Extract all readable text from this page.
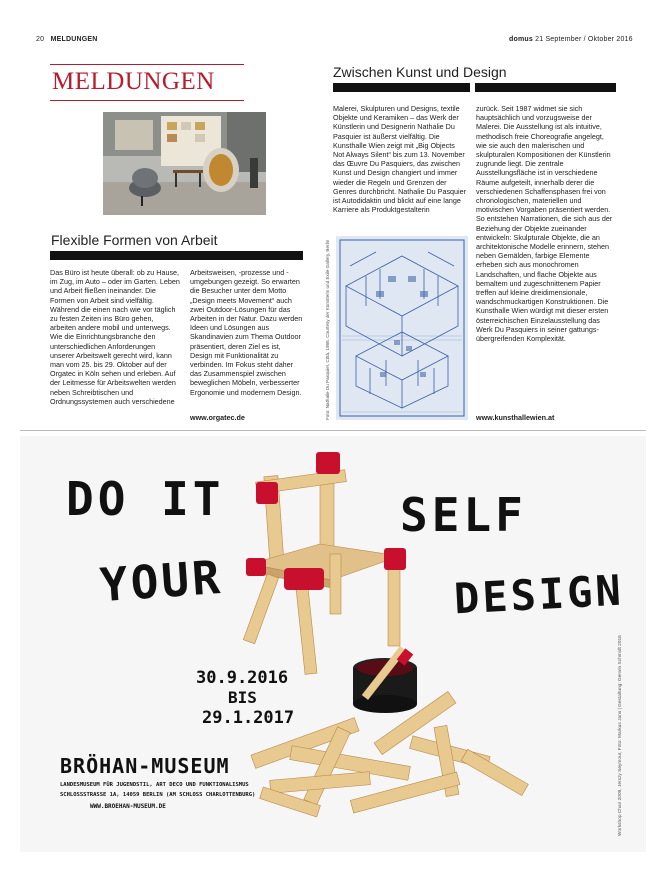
20 MELDUNGEN	domus 21 September / Oktober 2016
MELDUNGEN
Flexible Formen von Arbeit

Das Büro ist heute überall: ob zu Hause, im Zug, im Auto – oder im Garten. Leben und Arbeit fließen ineinander. Die Formen von Arbeit sind vielfältig. Während die einen nach wie vor täglich zu festen Zeiten ins Büro gehen, arbeiten andere mobil und unterwegs. Wie die Einrichtungsbranche den unterschiedlichen Anforderungen unserer Arbeitswelt gerecht wird, kann man vom 25. bis 29. Oktober auf der Orgatec in Köln sehen und erleben. Auf der Leitmesse für Arbeitswelten werden neben Schreibtischen und Ordnungssystemen auch verschiedene

Arbeitsweisen, -prozesse und -umgebungen gezeigt. So erwarten die Besucher unter dem Motto „Design meets Movement“ auch zwei Outdoor-Lösungen für das Arbeiten in der Natur. Dazu werden Ideen und Lösungen aus Skandinavien zum Thema Outdoor präsentiert, deren Ziel es ist, Design mit Funktionalität zu verbinden. Im Fokus steht daher das Zusammenspiel zwischen beweglichen Möbeln, verbesserter Ergonomie und modernem Design.

www.orgatec.de
Zwischen Kunst und Design

Malerei, Skulpturen und Designs, textile Objekte und Keramiken – das Werk der Künstlerin und Designerin Nathalie Du Pasquier ist äußerst vielfältig. Die Kunsthalle Wien zeigt mit „Big Objects Not Always Silent“ bis zum 13. November das Œuvre Du Pasquiers, das zwischen Kunst und Design changiert und immer wieder die Regeln und Grenzen der Genres durchbricht. Nathalie Du Pasquier ist Autodidaktin und blickt auf eine lange Karriere als Produktgestalterin

zurück. Seit 1987 widmet sie sich hauptsächlich und vorzugsweise der Malerei. Die Ausstellung ist als intuitive, methodisch freie Choreografie angelegt, wie sie auch den malerischen und skulpturalen Kompositionen der Künstlerin zugrunde liegt. Die zentrale Ausstellungsfläche ist in verschiedene Räume aufgeteilt, innerhalb derer die verschiedenen Schaffensphasen frei von chronologischen, materiellen und motivischen Vorgaben präsentiert werden. So entstehen Narrationen, die sich aus der Beziehung der Objekte zueinander entwickeln: Skulpturale Objekte, die an architektonische Modelle erinnern, stehen neben Gemälden, farbige Elemente erheben sich aus monochromen Landschaften, und flache Objekte aus bemaltem und zugeschnittenem Papier treffen auf kleine dreidimensionale, wandschmuckartigen Konstruktionen. Die Kunsthalle Wien würdigt mit dieser ersten österreichischen Einzelausstellung das Werk Du Pasquiers in seiner gattungs-übergreifenden Komplexität.

www.kunsthallewien.at
Foto: Nathalie Du Pasquier, Città, 1986. Courtesy der Künstlerin und Exile Gallery, Berlin
DO IT
YOUR
SELF
DESIGN
30.9.2016
BIS
29.1.2017
BRÖHAN-MUSEUM
LANDESMUSEUM FÜR JUGENDSTIL, ART DECO UND FUNKTIONALISMUS
SCHLOSSSTRASSE 1A, 14059 BERLIN (AM SCHLOSS CHARLOTTENBURG)
WWW.BROEHAN-MUSEUM.DE	Workshop Chair 2009, Jerszy Seymour, Foto: Markus Jans | Gestaltung: Gerwin Schmidt 2016
